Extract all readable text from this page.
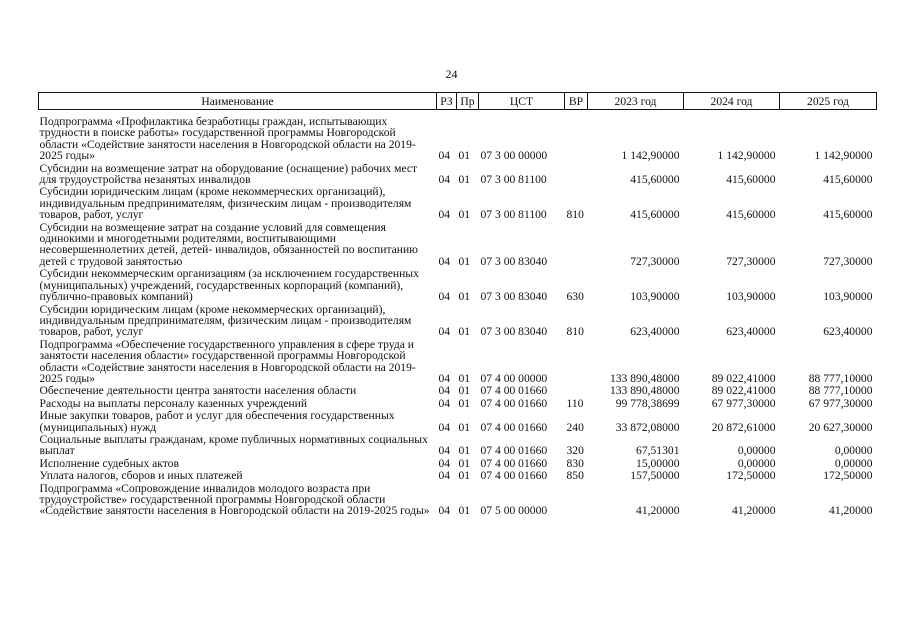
24
Наименование	РЗ	Пр	ЦСТ	ВР	2023 год	2024 год	2025 год
Подпрограмма «Профилактика безработицы граждан, испытывающих трудности в поиске работы» государственной программы Новгородской области «Содействие занятости населения в Новгородской области на 2019-2025 годы»	04	01	07 3 00 00000		1 142,90000	1 142,90000	1 142,90000
Субсидии на возмещение затрат на оборудование (оснащение) рабочих мест для трудоустройства незанятых инвалидов	04	01	07 3 00 81100		415,60000	415,60000	415,60000
Субсидии юридическим лицам (кроме некоммерческих организаций), индивидуальным предпринимателям, физическим лицам - производителям товаров, работ, услуг	04	01	07 3 00 81100	810	415,60000	415,60000	415,60000
Субсидии на возмещение затрат на создание условий для совмещения одинокими и многодетными родителями, воспитывающими несовершеннолетних детей, детей- инвалидов, обязанностей по воспитанию детей с трудовой занятостью	04	01	07 3 00 83040		727,30000	727,30000	727,30000
Субсидии некоммерческим организациям (за исключением государственных (муниципальных) учреждений, государственных корпораций (компаний), публично-правовых компаний)	04	01	07 3 00 83040	630	103,90000	103,90000	103,90000
Субсидии юридическим лицам (кроме некоммерческих организаций), индивидуальным предпринимателям, физическим лицам - производителям товаров, работ, услуг	04	01	07 3 00 83040	810	623,40000	623,40000	623,40000
Подпрограмма «Обеспечение государственного управления в сфере труда и занятости населения области» государственной программы Новгородской области «Содействие занятости населения в Новгородской области на 2019-2025 годы»	04	01	07 4 00 00000		133 890,48000	89 022,41000	88 777,10000
Обеспечение деятельности центра занятости населения области	04	01	07 4 00 01660		133 890,48000	89 022,41000	88 777,10000
Расходы на выплаты персоналу казенных учреждений	04	01	07 4 00 01660	110	99 778,38699	67 977,30000	67 977,30000
Иные закупки товаров, работ и услуг для обеспечения государственных (муниципальных) нужд	04	01	07 4 00 01660	240	33 872,08000	20 872,61000	20 627,30000
Социальные выплаты гражданам, кроме публичных нормативных социальных выплат	04	01	07 4 00 01660	320	67,51301	0,00000	0,00000
Исполнение судебных актов	04	01	07 4 00 01660	830	15,00000	0,00000	0,00000
Уплата налогов, сборов и иных платежей	04	01	07 4 00 01660	850	157,50000	172,50000	172,50000
Подпрограмма «Сопровождение инвалидов молодого возраста при трудоустройстве» государственной программы Новгородской области «Содействие занятости населения в Новгородской области на 2019-2025 годы»	04	01	07 5 00 00000		41,20000	41,20000	41,20000
